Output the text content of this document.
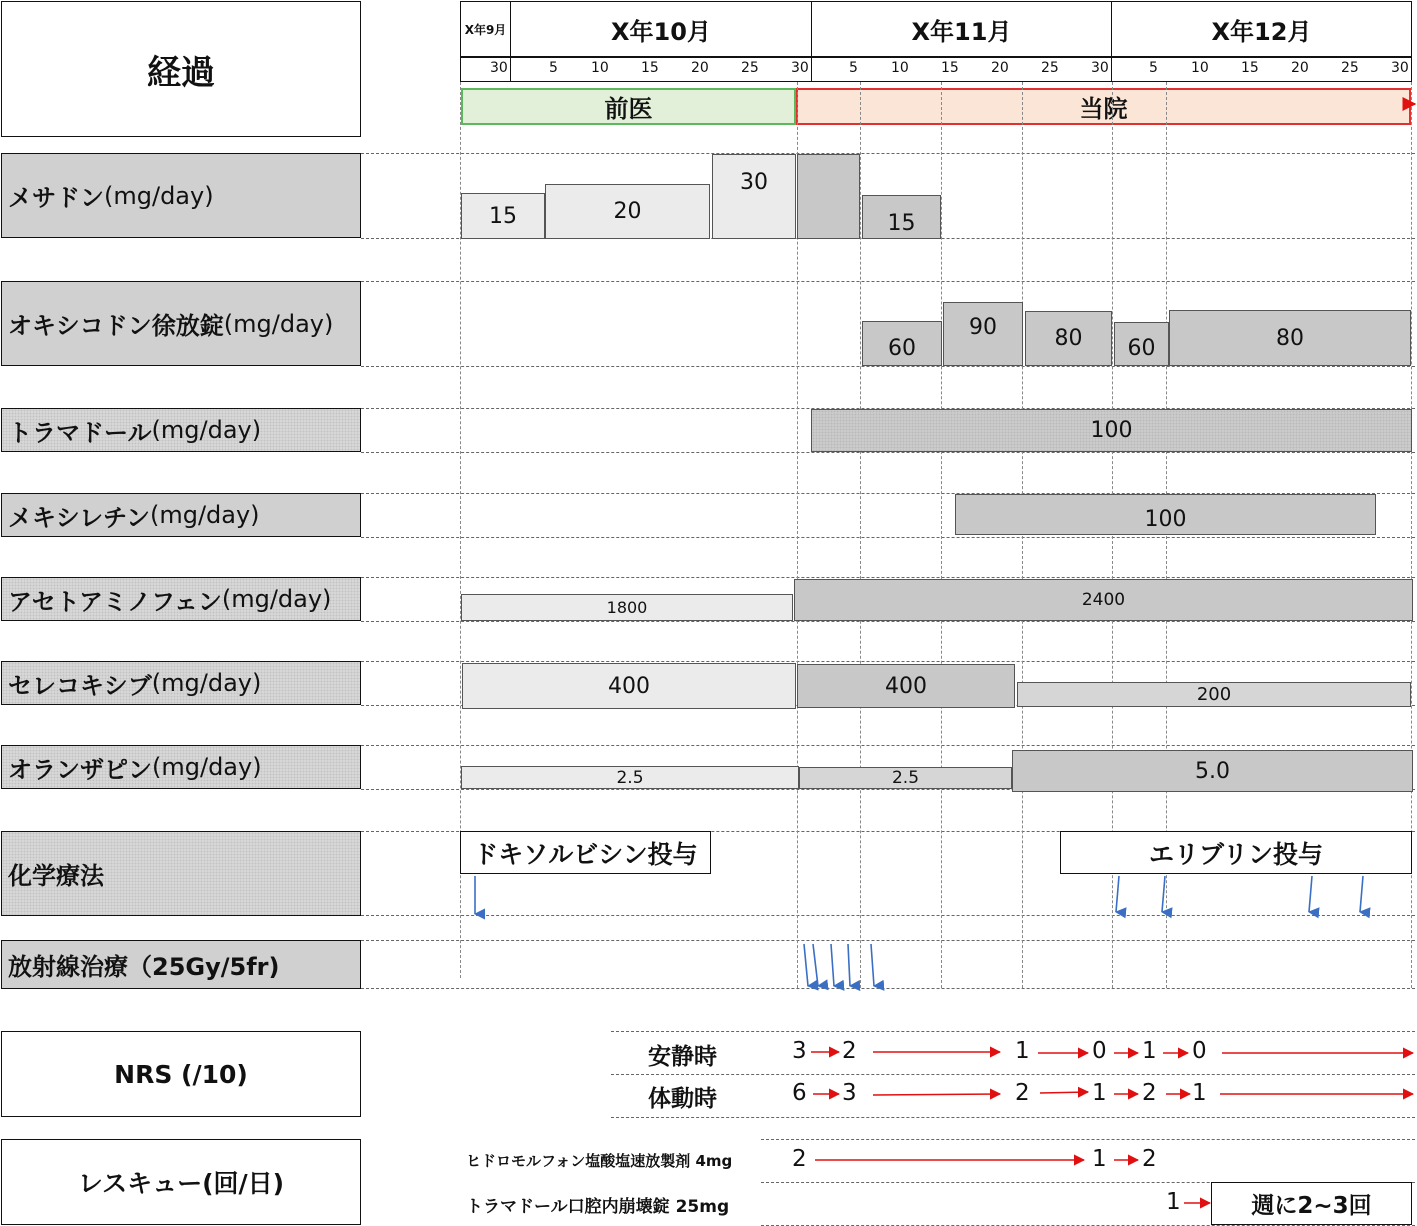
経過
メサドン (mg/day)
オキシコドン徐放錠 (mg/day)
トラマドール (mg/day)
メキシレチン (mg/day)
アセトアミノフェン (mg/day)
セレコキシブ (mg/day)
オランザピン (mg/day)
化学療法
放射線治療（25Gy/5fr)
NRS (/10)
レスキュー(回/日)
X年9月	X年10月	X年11月	X年12月
30	5 10 15 20 25 30	5 10 15 20 25 30	5 10 15 20 25 30
前医	当院
15	20
30
15
60
90	80 60	80
100
100
1800	2400
400	400	200
2.5	2.5	5.0
ドキソルビシン投与	エリブリン投与
安静時	3 2	1	0 1 0
体動時	6 3	2	1 2 1
ヒドロモルフォン塩酸塩速放製剤 4mg	2	1 2
トラマドール口腔内崩壊錠 25mg	1	週に2~3回
